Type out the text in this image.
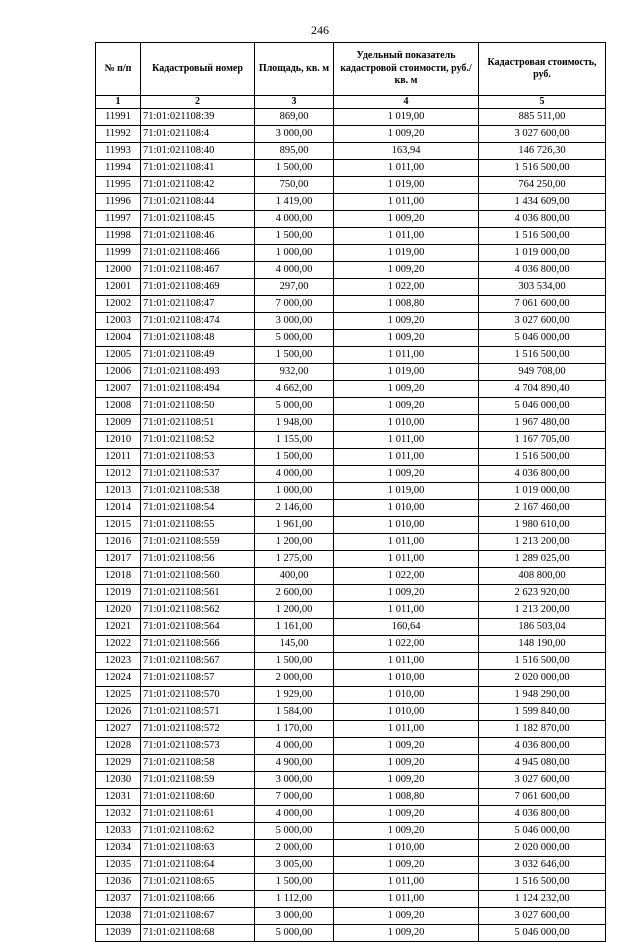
246
№ п/п	Кадастровый номер	Площадь, кв. м	Удельный показатель кадастровой стоимости, руб./кв. м	Кадастровая стоимость, руб.
1	2	3	4	5
11991	71:01:021108:39	869,00	1 019,00	885 511,00
11992	71:01:021108:4	3 000,00	1 009,20	3 027 600,00
11993	71:01:021108:40	895,00	163,94	146 726,30
11994	71:01:021108:41	1 500,00	1 011,00	1 516 500,00
11995	71:01:021108:42	750,00	1 019,00	764 250,00
11996	71:01:021108:44	1 419,00	1 011,00	1 434 609,00
11997	71:01:021108:45	4 000,00	1 009,20	4 036 800,00
11998	71:01:021108:46	1 500,00	1 011,00	1 516 500,00
11999	71:01:021108:466	1 000,00	1 019,00	1 019 000,00
12000	71:01:021108:467	4 000,00	1 009,20	4 036 800,00
12001	71:01:021108:469	297,00	1 022,00	303 534,00
12002	71:01:021108:47	7 000,00	1 008,80	7 061 600,00
12003	71:01:021108:474	3 000,00	1 009,20	3 027 600,00
12004	71:01:021108:48	5 000,00	1 009,20	5 046 000,00
12005	71:01:021108:49	1 500,00	1 011,00	1 516 500,00
12006	71:01:021108:493	932,00	1 019,00	949 708,00
12007	71:01:021108:494	4 662,00	1 009,20	4 704 890,40
12008	71:01:021108:50	5 000,00	1 009,20	5 046 000,00
12009	71:01:021108:51	1 948,00	1 010,00	1 967 480,00
12010	71:01:021108:52	1 155,00	1 011,00	1 167 705,00
12011	71:01:021108:53	1 500,00	1 011,00	1 516 500,00
12012	71:01:021108:537	4 000,00	1 009,20	4 036 800,00
12013	71:01:021108:538	1 000,00	1 019,00	1 019 000,00
12014	71:01:021108:54	2 146,00	1 010,00	2 167 460,00
12015	71:01:021108:55	1 961,00	1 010,00	1 980 610,00
12016	71:01:021108:559	1 200,00	1 011,00	1 213 200,00
12017	71:01:021108:56	1 275,00	1 011,00	1 289 025,00
12018	71:01:021108:560	400,00	1 022,00	408 800,00
12019	71:01:021108:561	2 600,00	1 009,20	2 623 920,00
12020	71:01:021108:562	1 200,00	1 011,00	1 213 200,00
12021	71:01:021108:564	1 161,00	160,64	186 503,04
12022	71:01:021108:566	145,00	1 022,00	148 190,00
12023	71:01:021108:567	1 500,00	1 011,00	1 516 500,00
12024	71:01:021108:57	2 000,00	1 010,00	2 020 000,00
12025	71:01:021108:570	1 929,00	1 010,00	1 948 290,00
12026	71:01:021108:571	1 584,00	1 010,00	1 599 840,00
12027	71:01:021108:572	1 170,00	1 011,00	1 182 870,00
12028	71:01:021108:573	4 000,00	1 009,20	4 036 800,00
12029	71:01:021108:58	4 900,00	1 009,20	4 945 080,00
12030	71:01:021108:59	3 000,00	1 009,20	3 027 600,00
12031	71:01:021108:60	7 000,00	1 008,80	7 061 600,00
12032	71:01:021108:61	4 000,00	1 009,20	4 036 800,00
12033	71:01:021108:62	5 000,00	1 009,20	5 046 000,00
12034	71:01:021108:63	2 000,00	1 010,00	2 020 000,00
12035	71:01:021108:64	3 005,00	1 009,20	3 032 646,00
12036	71:01:021108:65	1 500,00	1 011,00	1 516 500,00
12037	71:01:021108:66	1 112,00	1 011,00	1 124 232,00
12038	71:01:021108:67	3 000,00	1 009,20	3 027 600,00
12039	71:01:021108:68	5 000,00	1 009,20	5 046 000,00
